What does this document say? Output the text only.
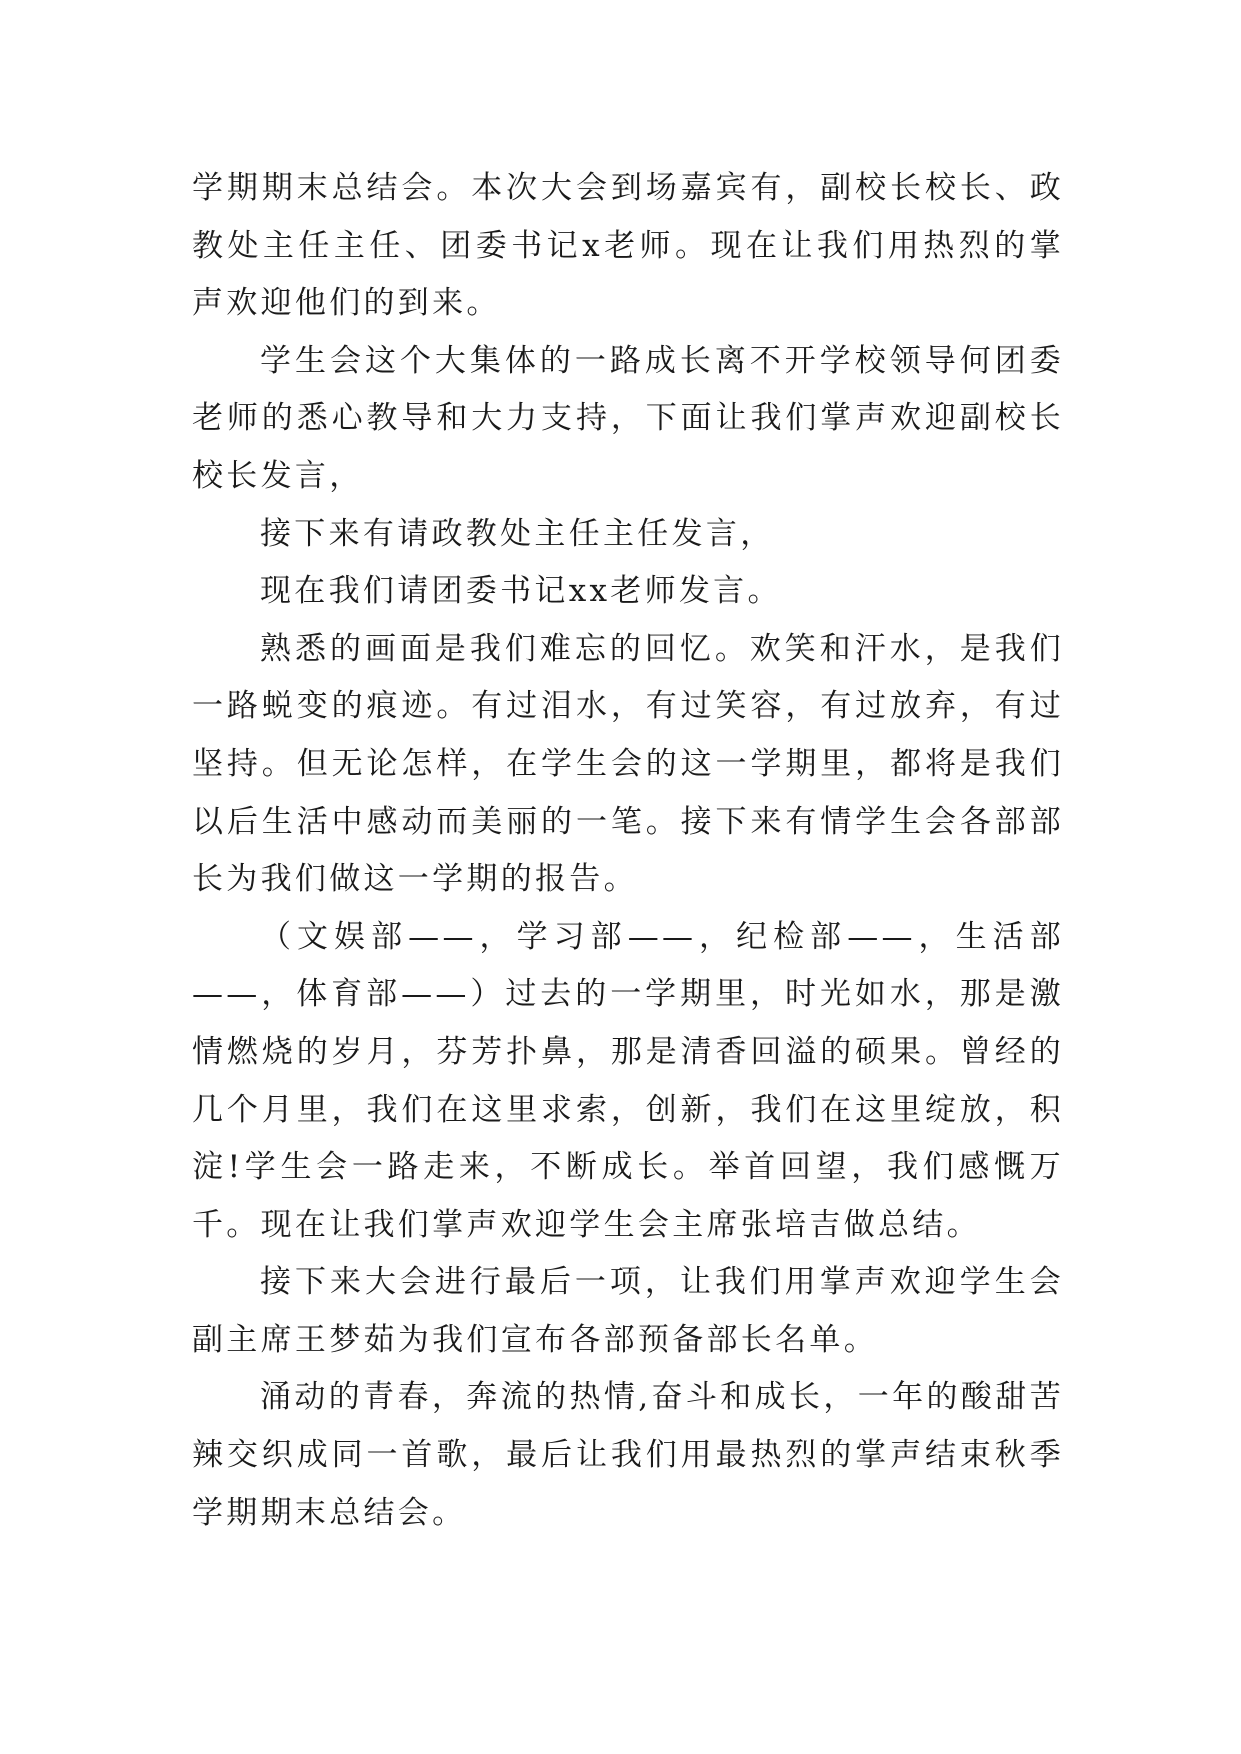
学期期末总结会。本次大会到场嘉宾有，副校长校长、政教处主任主任、团委书记x老师。现在让我们用热烈的掌声欢迎他们的到来。

学生会这个大集体的一路成长离不开学校领导何团委老师的悉心教导和大力支持，下面让我们掌声欢迎副校长校长发言，

接下来有请政教处主任主任发言，

现在我们请团委书记xx老师发言。

熟悉的画面是我们难忘的回忆。欢笑和汗水，是我们一路蜕变的痕迹。有过泪水，有过笑容，有过放弃，有过坚持。但无论怎样，在学生会的这一学期里，都将是我们以后生活中感动而美丽的一笔。接下来有情学生会各部部长为我们做这一学期的报告。

（文娱部——，学习部——，纪检部——，生活部——，体育部——）过去的一学期里，时光如水，那是激情燃烧的岁月，芬芳扑鼻，那是清香回溢的硕果。曾经的几个月里，我们在这里求索，创新，我们在这里绽放，积淀!学生会一路走来，不断成长。举首回望，我们感慨万千。现在让我们掌声欢迎学生会主席张培吉做总结。

接下来大会进行最后一项，让我们用掌声欢迎学生会副主席王梦茹为我们宣布各部预备部长名单。

涌动的青春，奔流的热情,奋斗和成长，一年的酸甜苦辣交织成同一首歌，最后让我们用最热烈的掌声结束秋季学期期末总结会。
